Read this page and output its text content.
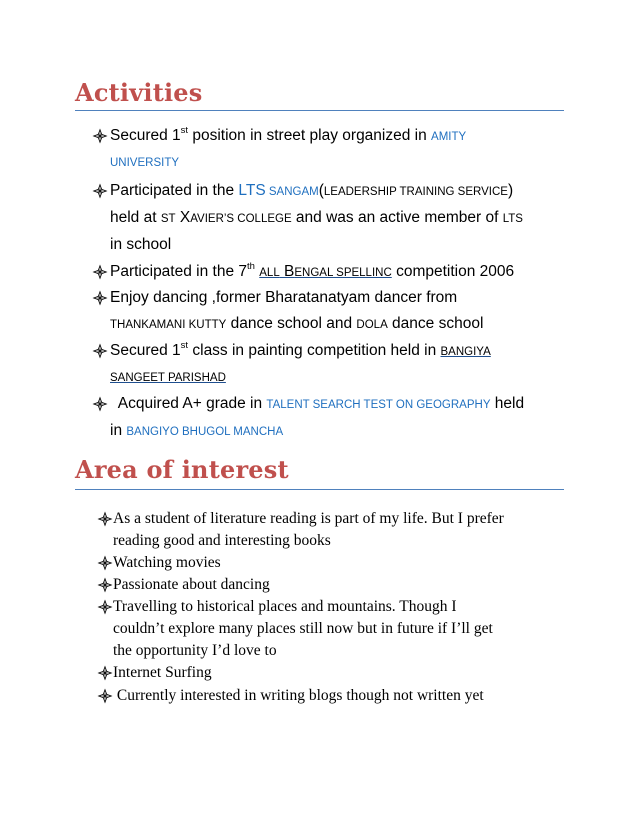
Activities
Secured 1st position in street play organized in AMITY
UNIVERSITY
Participated in the LTS SANGAM(LEADERSHIP TRAINING SERVICE)
held at ST XAVIER’S COLLEGE and was an active member of LTS
in school
Participated in the 7th ALL BENGAL SPELLINC competition 2006
Enjoy dancing ,former Bharatanatyam dancer from
THANKAMANI KUTTY dance school and DOLA dance school
Secured 1st class in painting competition held in BANGIYA
SANGEET PARISHAD
Acquired A+ grade in TALENT SEARCH TEST ON GEOGRAPHY held
in BANGIYO BHUGOL MANCHA
Area of interest
As a student of literature reading is part of my life. But I prefer
reading good and interesting books
Watching movies
Passionate about dancing
Travelling to historical places and mountains. Though I
couldn’t explore many places still now but in future if I’ll get
the opportunity I’d love to
Internet Surfing
Currently interested in writing blogs though not written yet
